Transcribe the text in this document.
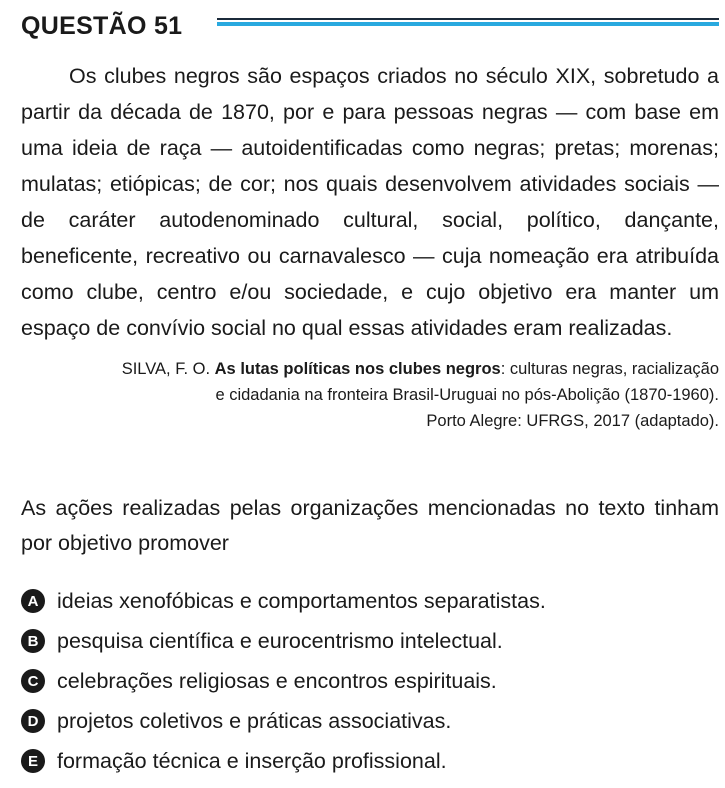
QUESTÃO 51

Os clubes negros são espaços criados no século XIX, sobretudo a partir da década de 1870, por e para pessoas negras — com base em uma ideia de raça — autoidentificadas como negras; pretas; morenas; mulatas; etiópicas; de cor; nos quais desenvolvem atividades sociais — de caráter autodenominado cultural, social, político, dançante, beneficente, recreativo ou carnavalesco — cuja nomeação era atribuída como clube, centro e/ou sociedade, e cujo objetivo era manter um espaço de convívio social no qual essas atividades eram realizadas.

SILVA, F. O. As lutas políticas nos clubes negros: culturas negras, racialização
e cidadania na fronteira Brasil-Uruguai no pós-Abolição (1870-1960).
Porto Alegre: UFRGS, 2017 (adaptado).

As ações realizadas pelas organizações mencionadas no texto tinham por objetivo promover

A ideias xenofóbicas e comportamentos separatistas.
B pesquisa científica e eurocentrismo intelectual.
C celebrações religiosas e encontros espirituais.
D projetos coletivos e práticas associativas.
E formação técnica e inserção profissional.
